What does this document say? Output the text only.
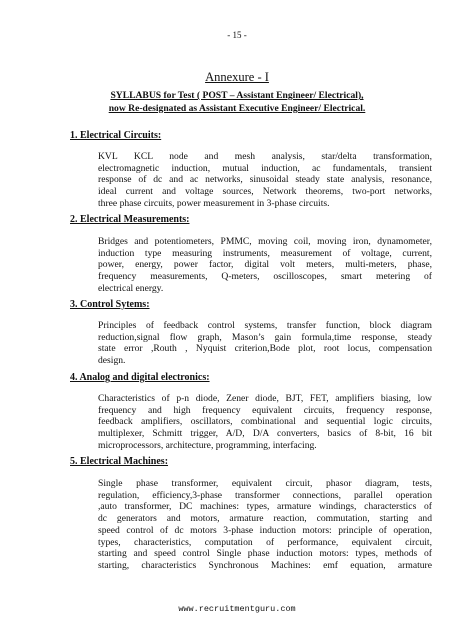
- 15 -
Annexure - I
SYLLABUS for Test ( POST – Assistant Engineer/ Electrical),
now Re-designated as Assistant Executive Engineer/ Electrical.
1. Electrical Circuits:
KVL KCL node and mesh analysis, star/delta transformation,
electromagnetic induction, mutual induction, ac fundamentals, transient
response of dc and ac networks, sinusoidal steady state analysis, resonance,
ideal current and voltage sources, Network theorems, two-port networks,
three phase circuits, power measurement in 3-phase circuits.
2. Electrical Measurements:
Bridges and potentiometers, PMMC, moving coil, moving iron, dynamometer,
induction type measuring instruments, measurement of voltage, current,
power, energy, power factor, digital volt meters, multi-meters, phase,
frequency measurements, Q-meters, oscilloscopes, smart metering of
electrical energy.
3. Control Sytems:
Principles of feedback control systems, transfer function, block diagram
reduction,signal flow graph, Mason’s gain formula,time response, steady
state error ,Routh , Nyquist criterion,Bode plot, root locus, compensation
design.
4. Analog and digital electronics:
Characteristics of p-n diode, Zener diode, BJT, FET, amplifiers biasing, low
frequency and high frequency equivalent circuits, frequency response,
feedback amplifiers, oscillators, combinational and sequential logic circuits,
multiplexer, Schmitt trigger, A/D, D/A converters, basics of 8-bit, 16 bit
microprocessors, architecture, programming, interfacing.
5. Electrical Machines:
Single phase transformer, equivalent circuit, phasor diagram, tests,
regulation, efficiency,3-phase transformer connections, parallel operation
,auto transformer, DC machines: types, armature windings, characterstics of
dc generators and motors, armature reaction, commutation, starting and
speed control of dc motors 3-phase induction motors: principle of operation,
types, characteristics, computation of performance, equivalent circuit,
starting and speed control Single phase induction motors: types, methods of
starting, characteristics Synchronous Machines: emf equation, armature
www.recruitmentguru.com
